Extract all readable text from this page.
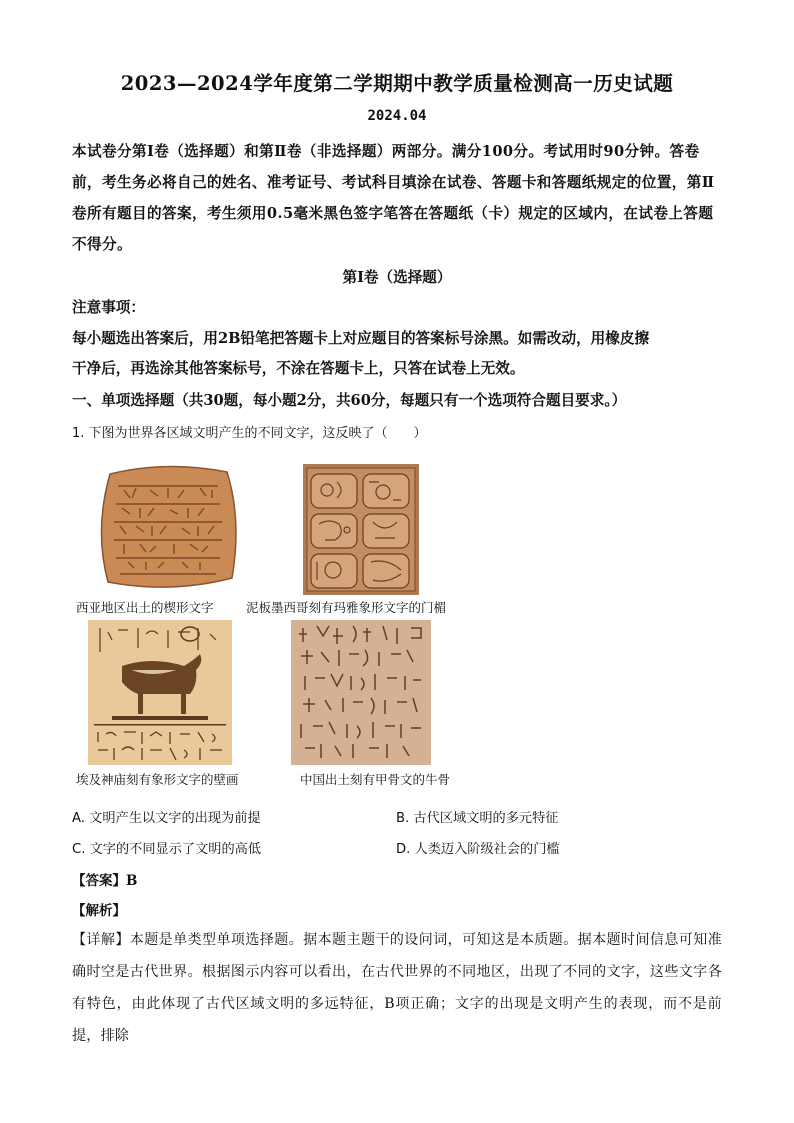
2023—2024学年度第二学期期中教学质量检测高一历史试题
2024.04
本试卷分第Ⅰ卷（选择题）和第Ⅱ卷（非选择题）两部分。满分100分。考试用时90分钟。答卷前，考生务必将自己的姓名、准考证号、考试科目填涂在试卷、答题卡和答题纸规定的位置，第Ⅱ卷所有题目的答案，考生须用0.5毫米黑色签字笔答在答题纸（卡）规定的区域内，在试卷上答题不得分。
第Ⅰ卷（选择题）
注意事项：
每小题选出答案后，用2B铅笔把答题卡上对应题目的答案标号涂黑。如需改动，用橡皮擦
干净后，再选涂其他答案标号，不涂在答题卡上，只答在试卷上无效。
一、单项选择题（共30题，每小题2分，共60分，每题只有一个选项符合题目要求。）
1. 下图为世界各区域文明产生的不同文字，这反映了（　　）
西亚地区出土的楔形文字	泥板墨西哥刻有玛雅象形文字的门楣
埃及神庙刻有象形文字的壁画	中国出土刻有甲骨文的牛骨
A. 文明产生以文字的出现为前提	B. 古代区域文明的多元特征
C. 文字的不同显示了文明的高低	D. 人类迈入阶级社会的门槛
【答案】B
【解析】
【详解】本题是单类型单项选择题。据本题主题干的设问词，可知这是本质题。据本题时间信息可知准确时空是古代世界。根据图示内容可以看出，在古代世界的不同地区，出现了不同的文字，这些文字各有特色，由此体现了古代区域文明的多远特征，B项正确；文字的出现是文明产生的表现，而不是前提，排除
